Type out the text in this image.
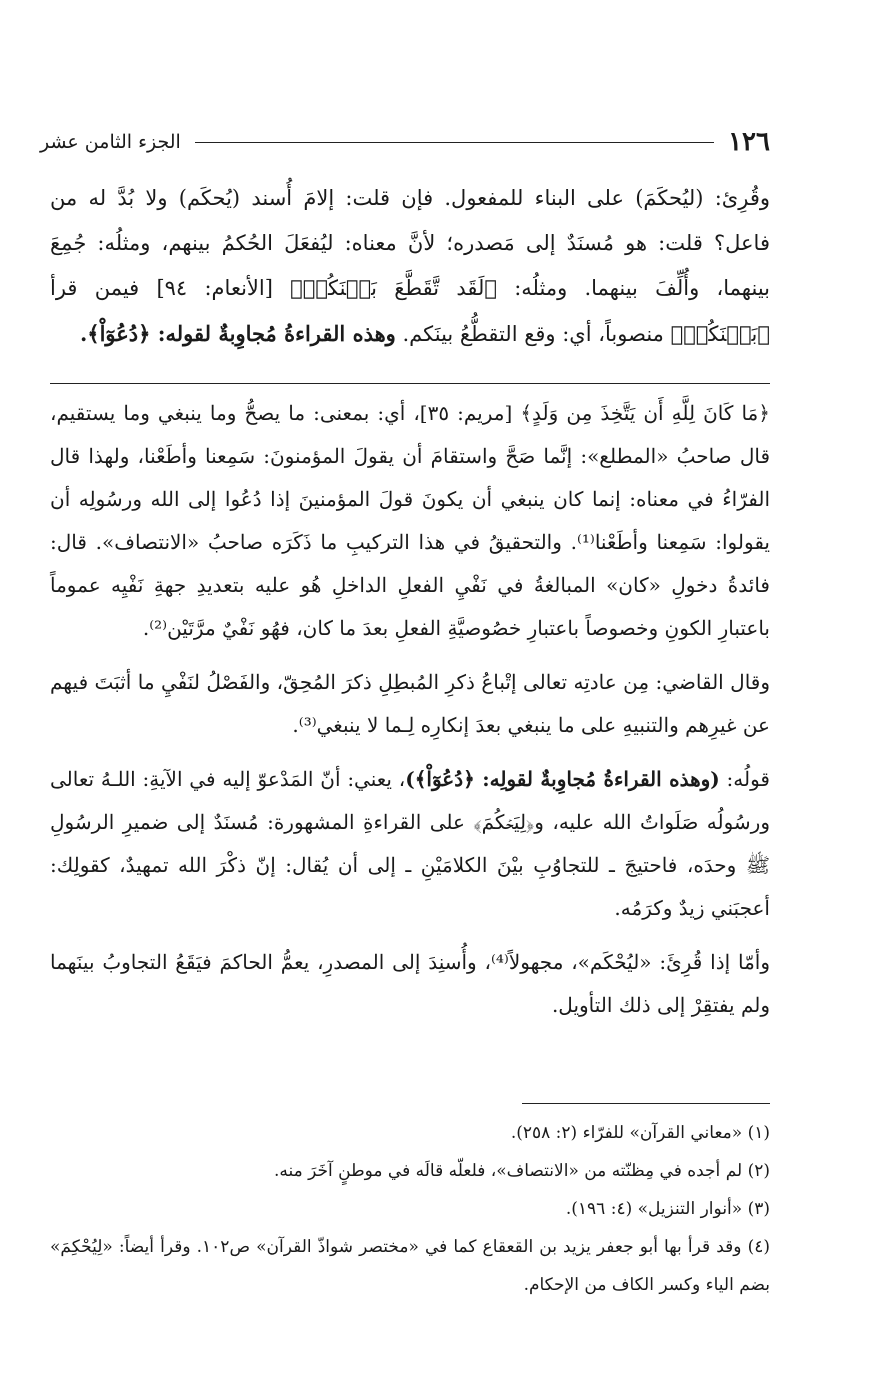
١٢٦
الجزء الثامن عشر

وقُرِئ: (ليُحكَمَ) على البناء للمفعول. فإن قلت: إلامَ أُسند (يُحكَم) ولا بُدَّ له من فاعل؟ قلت: هو مُسنَدٌ إلى مَصدره؛ لأنَّ معناه: ليُفعَلَ الحُكمُ بينهم، ومثلُه: جُمِعَ بينهما، وأُلِّفَ بينهما. ومثلُه: ﴿لَقَد تَّقَطَّعَ بَيۡنَكُمۡ﴾ [الأنعام: ٩٤] فيمن قرأ ﴿بَيۡنَكُمۡ﴾ منصوباً، أي: وقع التقطُّعُ بينَكم. وهذه القراءةُ مُجاوِبةٌ لقوله: ﴿دُعُوٓاْ﴾.

﴿مَا كَانَ لِلَّهِ أَن يَتَّخِذَ مِن وَلَدٍ﴾ [مريم: ٣٥]، أي: بمعنى: ما يصحُّ وما ينبغي وما يستقيم، قال صاحبُ «المطلع»: إنَّما صَحَّ واستقامَ أن يقولَ المؤمنونَ: سَمِعنا وأطَعْنا، ولهذا قال الفرّاءُ في معناه: إنما كان ينبغي أن يكونَ قولَ المؤمنينَ إذا دُعُوا إلى الله ورسُولِه أن يقولوا: سَمِعنا وأطَعْنا⁽¹⁾. والتحقيقُ في هذا التركيبِ ما ذَكَرَه صاحبُ «الانتصاف». قال: فائدةُ دخولِ «كان» المبالغةُ في نَفْيِ الفعلِ الداخلِ هُو عليه بتعديدِ جهةِ نَفْيِه عموماً باعتبارِ الكونِ وخصوصاً باعتبارِ خصُوصيَّةِ الفعلِ بعدَ ما كان، فهُو نَفْيٌ مرَّتَيْن⁽²⁾.

وقال القاضي: مِن عادتِه تعالى إتْباعُ ذكرِ المُبطِلِ ذكرَ المُحِقّ، والفَصْلُ لنَفْيِ ما أثبَتَ فيهم عن غيرِهم والتنبيهِ على ما ينبغي بعدَ إنكارِه لِـما لا ينبغي⁽³⁾.

قولُه: (وهذه القراءةُ مُجاوِبةٌ لقولِه: ﴿دُعُوٓاْ﴾)، يعني: أنّ المَدْعوّ إليه في الآيةِ: اللـهُ تعالى ورسُولُه صَلَواتُ الله عليه، و﴿لِيَحۡكُمَ﴾ على القراءةِ المشهورة: مُسنَدٌ إلى ضميرِ الرسُولِ ﷺ وحدَه، فاحتيجَ ـ للتجاوُبِ بيْنَ الكلامَيْنِ ـ إلى أن يُقال: إنّ ذكْرَ الله تمهيدٌ، كقولِك: أعجبَني زيدٌ وكرَمُه.

وأمّا إذا قُرِئَ: «ليُحْكَم»، مجهولاً⁽⁴⁾، وأُسنِدَ إلى المصدرِ، يعمُّ الحاكمَ فيَقَعُ التجاوبُ بينَهما ولم يفتقِرْ إلى ذلك التأويل.

(١) «معاني القرآن» للفرّاء (٢: ٢٥٨).

(٢) لم أجده في مِظنّته من «الانتصاف»، فلعلّه قالَه في موطنٍ آخَرَ منه.

(٣) «أنوار التنزيل» (٤: ١٩٦).

(٤) وقد قرأ بها أبو جعفر يزيد بن القعقاع كما في «مختصر شواذّ القرآن» ص١٠٢. وقرأ أيضاً: «لِيُحْكِمَ» بضم الياء وكسر الكاف من الإحكام.
